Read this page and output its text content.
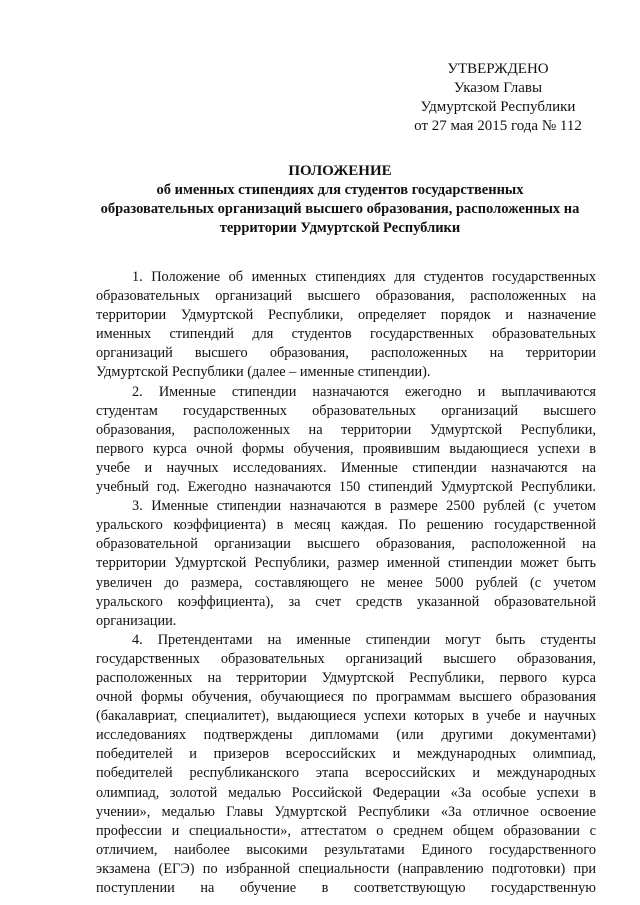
УТВЕРЖДЕНО
Указом Главы
Удмуртской Республики
от 27 мая 2015 года № 112
ПОЛОЖЕНИЕ
об именных стипендиях для студентов государственных
образовательных организаций высшего образования, расположенных на
территории Удмуртской Республики

1. Положение об именных стипендиях для студентов государственных
образовательных организаций высшего образования, расположенных на
территории Удмуртской Республики, определяет порядок и назначение
именных стипендий для студентов государственных образовательных
организаций высшего образования, расположенных на территории
Удмуртской Республики (далее – именные стипендии).

2. Именные стипендии назначаются ежегодно и выплачиваются
студентам государственных образовательных организаций высшего
образования, расположенных на территории Удмуртской Республики,
первого курса очной формы обучения, проявившим выдающиеся успехи в
учебе и научных исследованиях. Именные стипендии назначаются на
учебный год. Ежегодно назначаются 150 стипендий Удмуртской Республики.

3. Именные стипендии назначаются в размере 2500 рублей (с учетом
уральского коэффициента) в месяц каждая. По решению государственной
образовательной организации высшего образования, расположенной на
территории Удмуртской Республики, размер именной стипендии может быть
увеличен до размера, составляющего не менее 5000 рублей (с учетом
уральского коэффициента), за счет средств указанной образовательной
организации.

4. Претендентами на именные стипендии могут быть студенты
государственных образовательных организаций высшего образования,
расположенных на территории Удмуртской Республики, первого курса
очной формы обучения, обучающиеся по программам высшего образования
(бакалавриат, специалитет), выдающиеся успехи которых в учебе и научных
исследованиях подтверждены дипломами (или другими документами)
победителей и призеров всероссийских и международных олимпиад,
победителей республиканского этапа всероссийских и международных
олимпиад, золотой медалью Российской Федерации «За особые успехи в
учении», медалью Главы Удмуртской Республики «За отличное освоение
профессии и специальности», аттестатом о среднем общем образовании с
отличием, наиболее высокими результатами Единого государственного
экзамена (ЕГЭ) по избранной специальности (направлению подготовки) при
поступлении на обучение в соответствующую государственную
